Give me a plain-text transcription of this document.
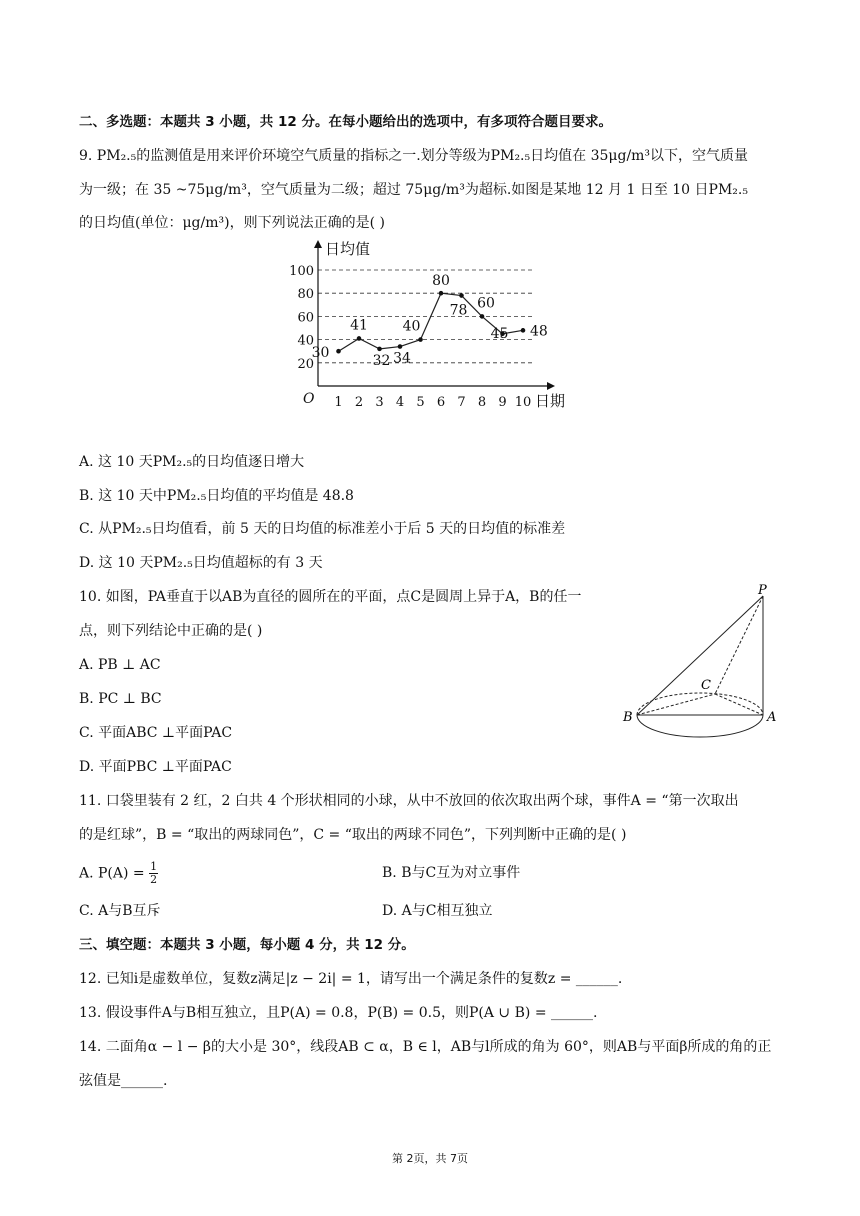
二、多选题：本题共 3 小题，共 12 分。在每小题给出的选项中，有多项符合题目要求。
9. PM₂.₅的监测值是用来评价环境空气质量的指标之一.划分等级为PM₂.₅日均值在 35μg/m³以下，空气质量
为一级；在 35 ~75μg/m³，空气质量为二级；超过 75μg/m³为超标.如图是某地 12 月 1 日至 10 日PM₂.₅
的日均值(单位：μg/m³)，则下列说法正确的是( )
日均值
日期
O
20
40
60
80
100
1 2 3 4 5 6 7 8 9 10
30
41
32 34
40
80
78 60
45 48
A. 这 10 天PM₂.₅的日均值逐日增大
B. 这 10 天中PM₂.₅日均值的平均值是 48.8
C. 从PM₂.₅日均值看，前 5 天的日均值的标准差小于后 5 天的日均值的标准差
D. 这 10 天PM₂.₅日均值超标的有 3 天
10. 如图，PA垂直于以AB为直径的圆所在的平面，点C是圆周上异于A，B的任一
点，则下列结论中正确的是( )
A. PB ⊥ AC
B. PC ⊥ BC
C. 平面ABC ⊥平面PAC
D. 平面PBC ⊥平面PAC
P
C
B	A
11. 口袋里装有 2 红，2 白共 4 个形状相同的小球，从中不放回的依次取出两个球，事件A = “第一次取出
的是红球”，B = “取出的两球同色”，C = “取出的两球不同色”，下列判断中正确的是( )
A. $P(A) = \frac{1}{2}$	B. B与C互为对立事件
C. A与B互斥	D. A与C相互独立
三、填空题：本题共 3 小题，每小题 4 分，共 12 分。
12. 已知i是虚数单位，复数z满足|z − 2i| = 1，请写出一个满足条件的复数z = ______.
13. 假设事件A与B相互独立，且P(A) = 0.8，P(B) = 0.5，则P(A ∪ B) = ______.
14. 二面角α − l − β的大小是 30°，线段AB ⊂ α，B ∈ l，AB与l所成的角为 60°，则AB与平面β所成的角的正
弦值是______.
第 2页，共 7页
